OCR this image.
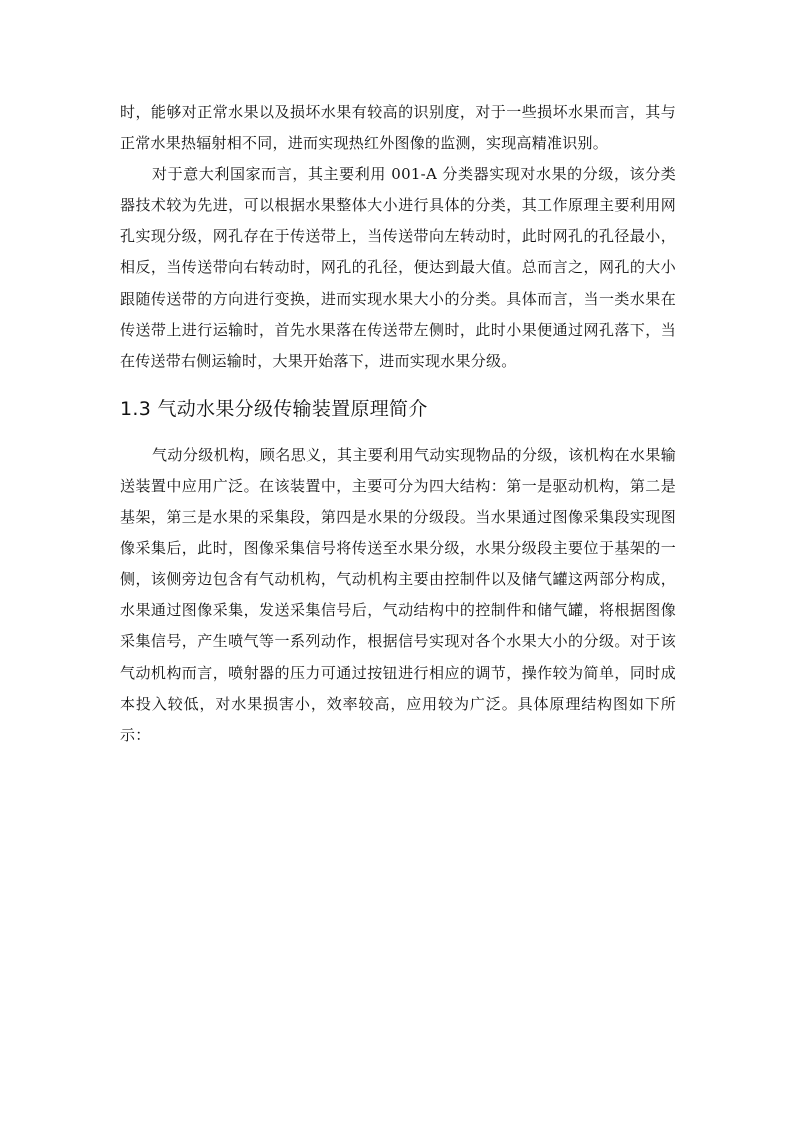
时，能够对正常水果以及损坏水果有较高的识别度，对于一些损坏水果而言，其与正常水果热辐射相不同，进而实现热红外图像的监测，实现高精准识别。

对于意大利国家而言，其主要利用 001-A 分类器实现对水果的分级，该分类器技术较为先进，可以根据水果整体大小进行具体的分类，其工作原理主要利用网孔实现分级，网孔存在于传送带上，当传送带向左转动时，此时网孔的孔径最小，相反，当传送带向右转动时，网孔的孔径，便达到最大值。总而言之，网孔的大小跟随传送带的方向进行变换，进而实现水果大小的分类。具体而言，当一类水果在传送带上进行运输时，首先水果落在传送带左侧时，此时小果便通过网孔落下，当在传送带右侧运输时，大果开始落下，进而实现水果分级。

1.3 气动水果分级传输装置原理简介

气动分级机构，顾名思义，其主要利用气动实现物品的分级，该机构在水果输送装置中应用广泛。在该装置中，主要可分为四大结构：第一是驱动机构，第二是基架，第三是水果的采集段，第四是水果的分级段。当水果通过图像采集段实现图像采集后，此时，图像采集信号将传送至水果分级，水果分级段主要位于基架的一侧，该侧旁边包含有气动机构，气动机构主要由控制件以及储气罐这两部分构成，水果通过图像采集，发送采集信号后，气动结构中的控制件和储气罐，将根据图像采集信号，产生喷气等一系列动作，根据信号实现对各个水果大小的分级。对于该气动机构而言，喷射器的压力可通过按钮进行相应的调节，操作较为简单，同时成本投入较低，对水果损害小，效率较高，应用较为广泛。具体原理结构图如下所示：
